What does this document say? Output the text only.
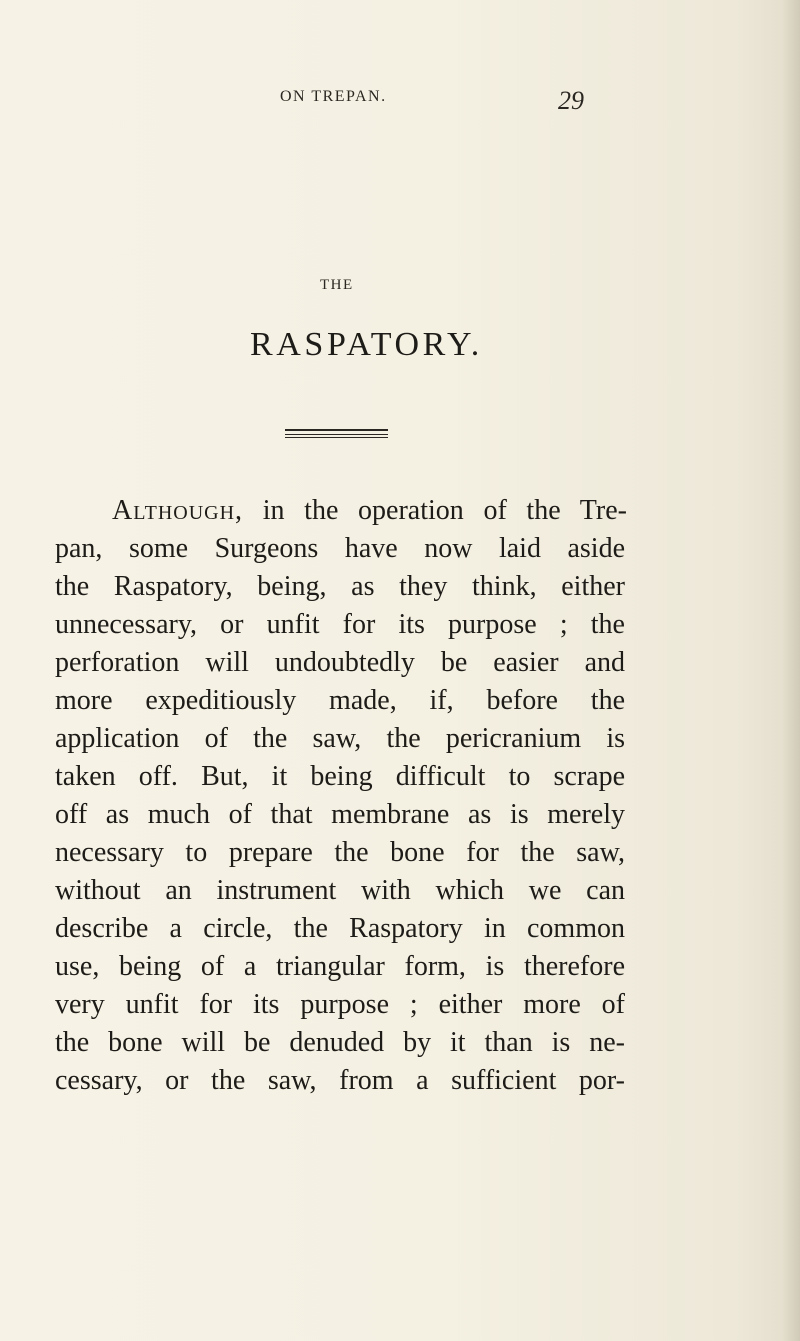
ON TREPAN.	29
THE
RASPATORY.
Although, in the operation of the Tre-
pan, some Surgeons have now laid aside
the Raspatory, being, as they think, either
unnecessary, or unfit for its purpose ; the
perforation will undoubtedly be easier and
more expeditiously made, if, before the
application of the saw, the pericranium is
taken off. But, it being difficult to scrape
off as much of that membrane as is merely
necessary to prepare the bone for the saw,
without an instrument with which we can
describe a circle, the Raspatory in common
use, being of a triangular form, is therefore
very unfit for its purpose ; either more of
the bone will be denuded by it than is ne-
cessary, or the saw, from a sufficient por-
